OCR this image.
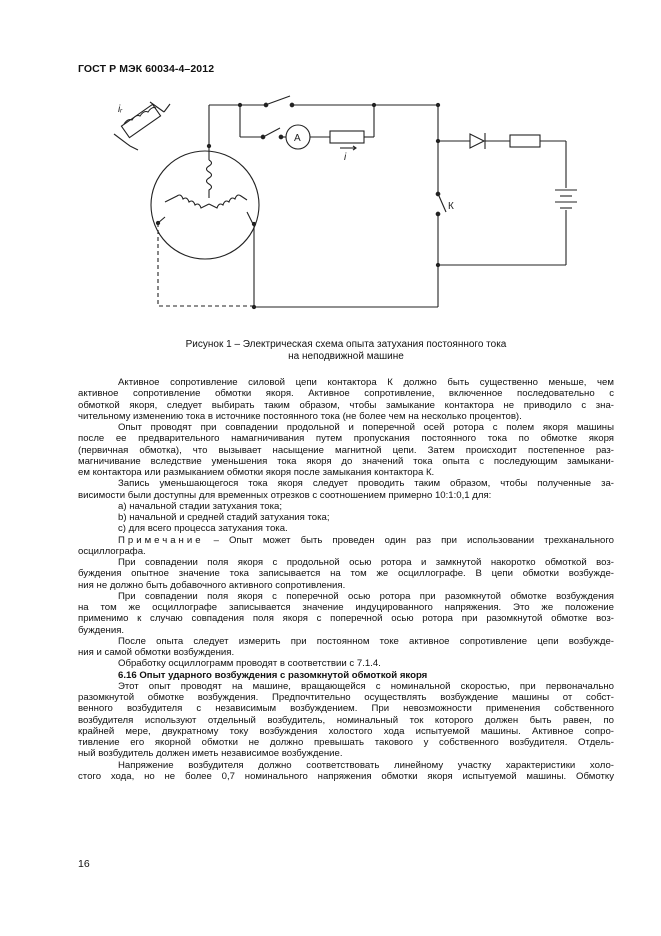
ГОСТ Р МЭК 60034-4–2012
iᵣ
A
i
К
Рисунок 1 – Электрическая схема опыта затухания постоянного тока
на неподвижной машине

Активное сопротивление силовой цепи контактора К должно быть существенно меньше, чем

активное сопротивление обмотки якоря. Активное сопротивление, включенное последовательно с

обмоткой якоря, следует выбирать таким образом, чтобы замыкание контактора не приводило с зна-

чительному изменению тока в источнике постоянного тока (не более чем на несколько процентов).

Опыт проводят при совпадении продольной и поперечной осей ротора с полем якоря машины

после ее предварительного намагничивания путем пропускания постоянного тока по обмотке якоря

(первичная обмотка), что вызывает насыщение магнитной цепи. Затем происходит постепенное раз-

магничивание вследствие уменьшения тока якоря до значений тока опыта с последующим замыкани-

ем контактора или размыканием обмотки якоря после замыкания контактора К.

Запись уменьшающегося тока якоря следует проводить таким образом, чтобы полученные за-

висимости были доступны для временных отрезков с соотношением примерно 10:1:0,1 для:

a) начальной стадии затухания тока;

b) начальной и средней стадий затухания тока;

c) для всего процесса затухания тока.

Примечание – Опыт может быть проведен один раз при использовании трехканального

осциллографа.

При совпадении поля якоря с продольной осью ротора и замкнутой накоротко обмоткой воз-

буждения опытное значение тока записывается на том же осциллографе. В цепи обмотки возбужде-

ния не должно быть добавочного активного сопротивления.

При совпадении поля якоря с поперечной осью ротора при разомкнутой обмотке возбуждения

на том же осциллографе записывается значение индуцированного напряжения. Это же положение

применимо к случаю совпадения поля якоря с поперечной осью ротора при разомкнутой обмотке воз-

буждения.

После опыта следует измерить при постоянном токе активное сопротивление цепи возбужде-

ния и самой обмотки возбуждения.

Обработку осциллограмм проводят в соответствии с 7.1.4.

6.16 Опыт ударного возбуждения с разомкнутой обмоткой якоря

Этот опыт проводят на машине, вращающейся с номинальной скоростью, при первоначально

разомкнутой обмотке возбуждения. Предпочтительно осуществлять возбуждение машины от собст-

венного возбудителя с независимым возбуждением. При невозможности применения собственного

возбудителя используют отдельный возбудитель, номинальный ток которого должен быть равен, по

крайней мере, двукратному току возбуждения холостого хода испытуемой машины. Активное сопро-

тивление его якорной обмотки не должно превышать такового у собственного возбудителя. Отдель-

ный возбудитель должен иметь независимое возбуждение.

Напряжение возбудителя должно соответствовать линейному участку характеристики холо-

стого хода, но не более 0,7 номинального напряжения обмотки якоря испытуемой машины. Обмотку

16
